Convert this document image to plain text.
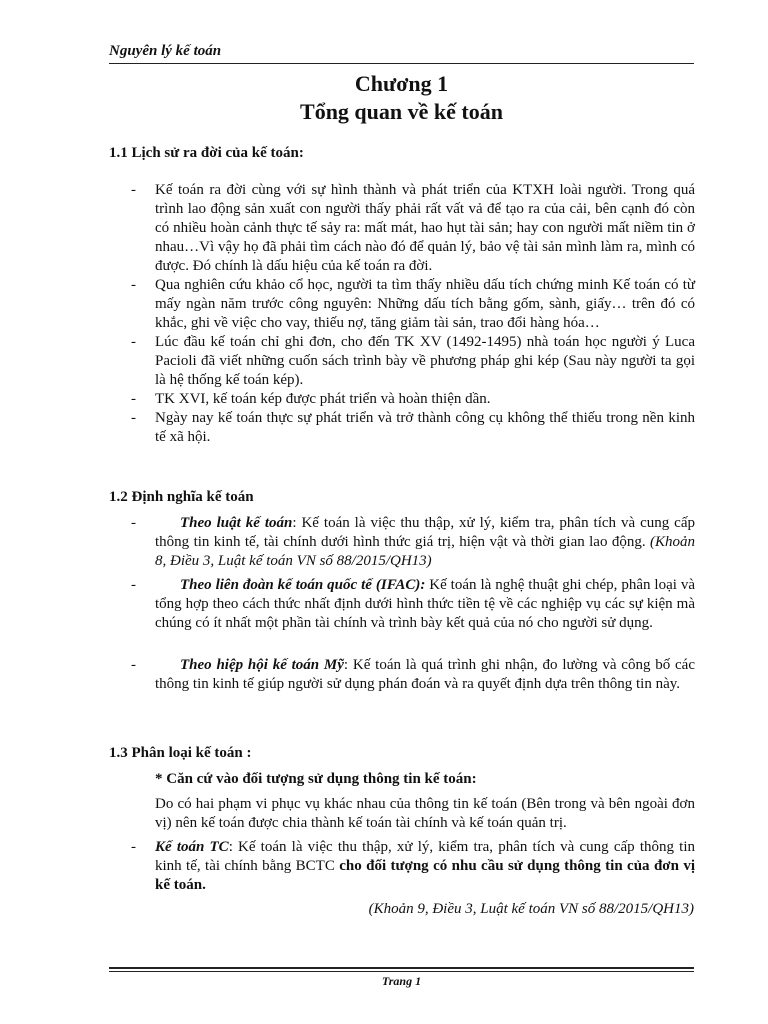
Nguyên lý kế toán
Chương 1
Tổng quan về kế toán
1.1 Lịch sử ra đời của kế toán:
- Kế toán ra đời cùng với sự hình thành và phát triển của KTXH loài người. Trong quá trình lao động sản xuất con người thấy phải rất vất vả để tạo ra của cải, bên cạnh đó còn có nhiều hoàn cảnh thực tế sảy ra: mất mát, hao hụt tài sản; hay con người mất niềm tin ở nhau…Vì vậy họ đã phải tìm cách nào đó để quản lý, bảo vệ tài sản mình làm ra, mình có được. Đó chính là dấu hiệu của kế toán ra đời.
- Qua nghiên cứu khảo cổ học, người ta tìm thấy nhiều dấu tích chứng minh Kế toán có từ mấy ngàn năm trước công nguyên: Những dấu tích bằng gốm, sành, giấy… trên đó có khắc, ghi về việc cho vay, thiếu nợ, tăng giảm tài sản, trao đổi hàng hóa…
- Lúc đầu kế toán chỉ ghi đơn, cho đến TK XV (1492-1495) nhà toán học người ý Luca Pacioli đã viết những cuốn sách trình bày về phương pháp ghi kép (Sau này người ta gọi là hệ thống kế toán kép).
- TK XVI, kế toán kép được phát triển và hoàn thiện dần.
- Ngày nay kế toán thực sự phát triển và trở thành công cụ không thể thiếu trong nền kinh tế xã hội.
1.2 Định nghĩa kế toán
-	Theo luật kế toán: Kế toán là việc thu thập, xử lý, kiểm tra, phân tích và cung cấp thông tin kinh tế, tài chính dưới hình thức giá trị, hiện vật và thời gian lao động. (Khoản 8, Điều 3, Luật kế toán VN số 88/2015/QH13)
-	Theo liên đoàn kế toán quốc tế (IFAC): Kế toán là nghệ thuật ghi chép, phân loại và tổng hợp theo cách thức nhất định dưới hình thức tiền tệ về các nghiệp vụ các sự kiện mà chúng có ít nhất một phần tài chính và trình bày kết quả của nó cho người sử dụng.
-	Theo hiệp hội kế toán Mỹ: Kế toán là quá trình ghi nhận, đo lường và công bố các thông tin kinh tế giúp người sử dụng phán đoán và ra quyết định dựa trên thông tin này.
1.3 Phân loại kế toán :
* Căn cứ vào đối tượng sử dụng thông tin kế toán:
Do có hai phạm vi phục vụ khác nhau của thông tin kế toán (Bên trong và bên ngoài đơn vị) nên kế toán được chia thành kế toán tài chính và kế toán quản trị.
- Kế toán TC: Kế toán là việc thu thập, xử lý, kiểm tra, phân tích và cung cấp thông tin kinh tế, tài chính bằng BCTC cho đối tượng có nhu cầu sử dụng thông tin của đơn vị kế toán.
(Khoản 9, Điều 3, Luật kế toán VN số 88/2015/QH13)
Trang 1
